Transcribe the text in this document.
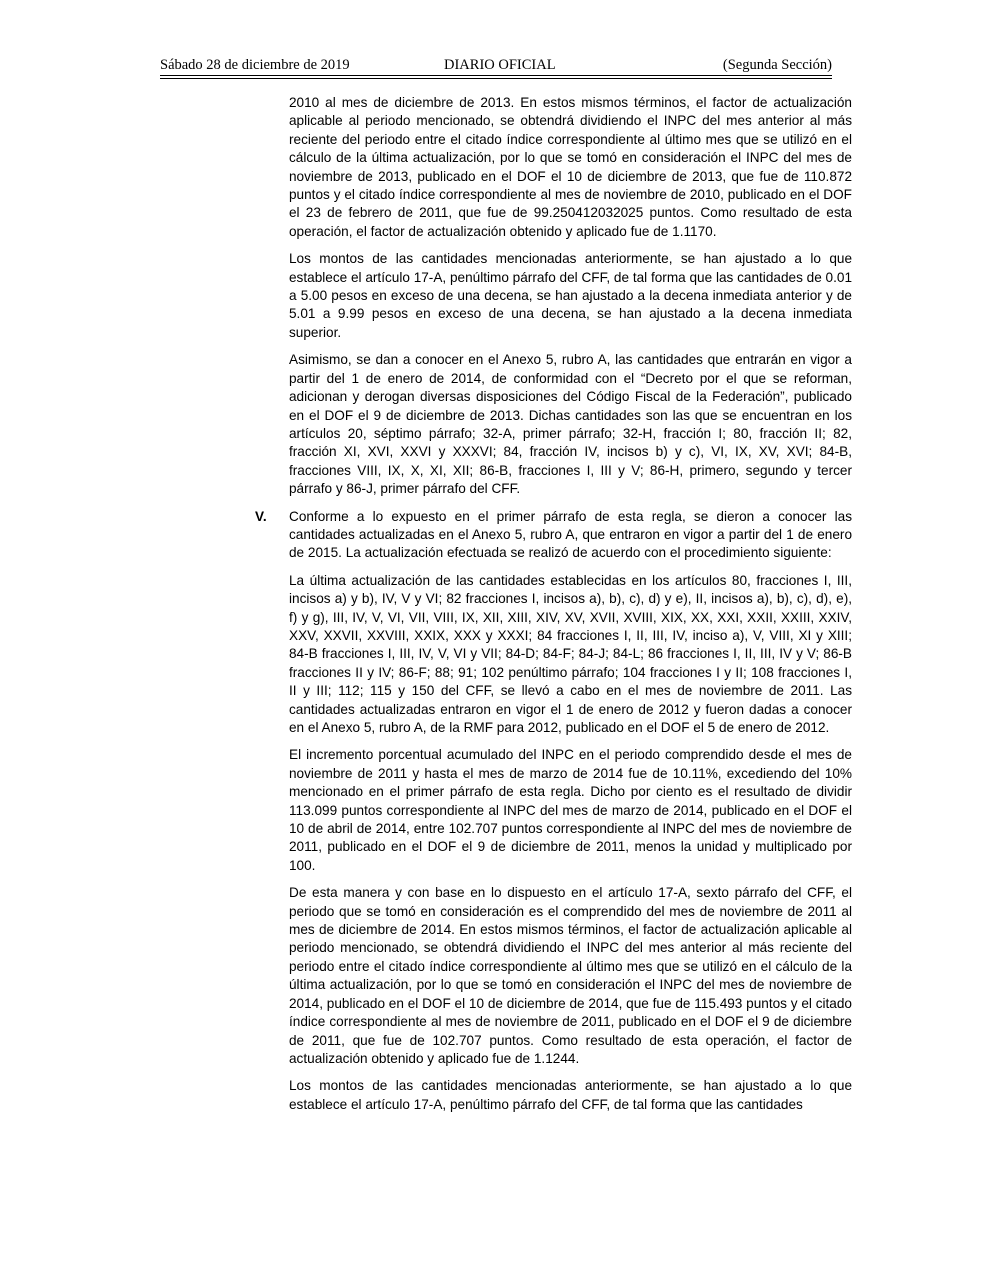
Sábado 28 de diciembre de 2019	DIARIO OFICIAL	(Segunda Sección)

2010 al mes de diciembre de 2013. En estos mismos términos, el factor de actualización aplicable al periodo mencionado, se obtendrá dividiendo el INPC del mes anterior al más reciente del periodo entre el citado índice correspondiente al último mes que se utilizó en el cálculo de la última actualización, por lo que se tomó en consideración el INPC del mes de noviembre de 2013, publicado en el DOF el 10 de diciembre de 2013, que fue de 110.872 puntos y el citado índice correspondiente al mes de noviembre de 2010, publicado en el DOF el 23 de febrero de 2011, que fue de 99.250412032025 puntos. Como resultado de esta operación, el factor de actualización obtenido y aplicado fue de 1.1170.

Los montos de las cantidades mencionadas anteriormente, se han ajustado a lo que establece el artículo 17-A, penúltimo párrafo del CFF, de tal forma que las cantidades de 0.01 a 5.00 pesos en exceso de una decena, se han ajustado a la decena inmediata anterior y de 5.01 a 9.99 pesos en exceso de una decena, se han ajustado a la decena inmediata superior.

Asimismo, se dan a conocer en el Anexo 5, rubro A, las cantidades que entrarán en vigor a partir del 1 de enero de 2014, de conformidad con el “Decreto por el que se reforman, adicionan y derogan diversas disposiciones del Código Fiscal de la Federación”, publicado en el DOF el 9 de diciembre de 2013. Dichas cantidades son las que se encuentran en los artículos 20, séptimo párrafo; 32-A, primer párrafo; 32-H, fracción I; 80, fracción II; 82, fracción XI, XVI, XXVI y XXXVI; 84, fracción IV, incisos b) y c), VI, IX, XV, XVI; 84-B, fracciones VIII, IX, X, XI, XII; 86-B, fracciones I, III y V; 86-H, primero, segundo y tercer párrafo y 86-J, primer párrafo del CFF.

V. Conforme a lo expuesto en el primer párrafo de esta regla, se dieron a conocer las cantidades actualizadas en el Anexo 5, rubro A, que entraron en vigor a partir del 1 de enero de 2015. La actualización efectuada se realizó de acuerdo con el procedimiento siguiente:

La última actualización de las cantidades establecidas en los artículos 80, fracciones I, III, incisos a) y b), IV, V y VI; 82 fracciones I, incisos a), b), c), d) y e), II, incisos a), b), c), d), e), f) y g), III, IV, V, VI, VII, VIII, IX, XII, XIII, XIV, XV, XVII, XVIII, XIX, XX, XXI, XXII, XXIII, XXIV, XXV, XXVII, XXVIII, XXIX, XXX y XXXI; 84 fracciones I, II, III, IV, inciso a), V, VIII, XI y XIII; 84-B fracciones I, III, IV, V, VI y VII; 84-D; 84-F; 84-J; 84-L; 86 fracciones I, II, III, IV y V; 86-B fracciones II y IV; 86-F; 88; 91; 102 penúltimo párrafo; 104 fracciones I y II; 108 fracciones I, II y III; 112; 115 y 150 del CFF, se llevó a cabo en el mes de noviembre de 2011. Las cantidades actualizadas entraron en vigor el 1 de enero de 2012 y fueron dadas a conocer en el Anexo 5, rubro A, de la RMF para 2012, publicado en el DOF el 5 de enero de 2012.

El incremento porcentual acumulado del INPC en el periodo comprendido desde el mes de noviembre de 2011 y hasta el mes de marzo de 2014 fue de 10.11%, excediendo del 10% mencionado en el primer párrafo de esta regla. Dicho por ciento es el resultado de dividir 113.099 puntos correspondiente al INPC del mes de marzo de 2014, publicado en el DOF el 10 de abril de 2014, entre 102.707 puntos correspondiente al INPC del mes de noviembre de 2011, publicado en el DOF el 9 de diciembre de 2011, menos la unidad y multiplicado por 100.

De esta manera y con base en lo dispuesto en el artículo 17-A, sexto párrafo del CFF, el periodo que se tomó en consideración es el comprendido del mes de noviembre de 2011 al mes de diciembre de 2014. En estos mismos términos, el factor de actualización aplicable al periodo mencionado, se obtendrá dividiendo el INPC del mes anterior al más reciente del periodo entre el citado índice correspondiente al último mes que se utilizó en el cálculo de la última actualización, por lo que se tomó en consideración el INPC del mes de noviembre de 2014, publicado en el DOF el 10 de diciembre de 2014, que fue de 115.493 puntos y el citado índice correspondiente al mes de noviembre de 2011, publicado en el DOF el 9 de diciembre de 2011, que fue de 102.707 puntos. Como resultado de esta operación, el factor de actualización obtenido y aplicado fue de 1.1244.

Los montos de las cantidades mencionadas anteriormente, se han ajustado a lo que establece el artículo 17-A, penúltimo párrafo del CFF, de tal forma que las cantidades
